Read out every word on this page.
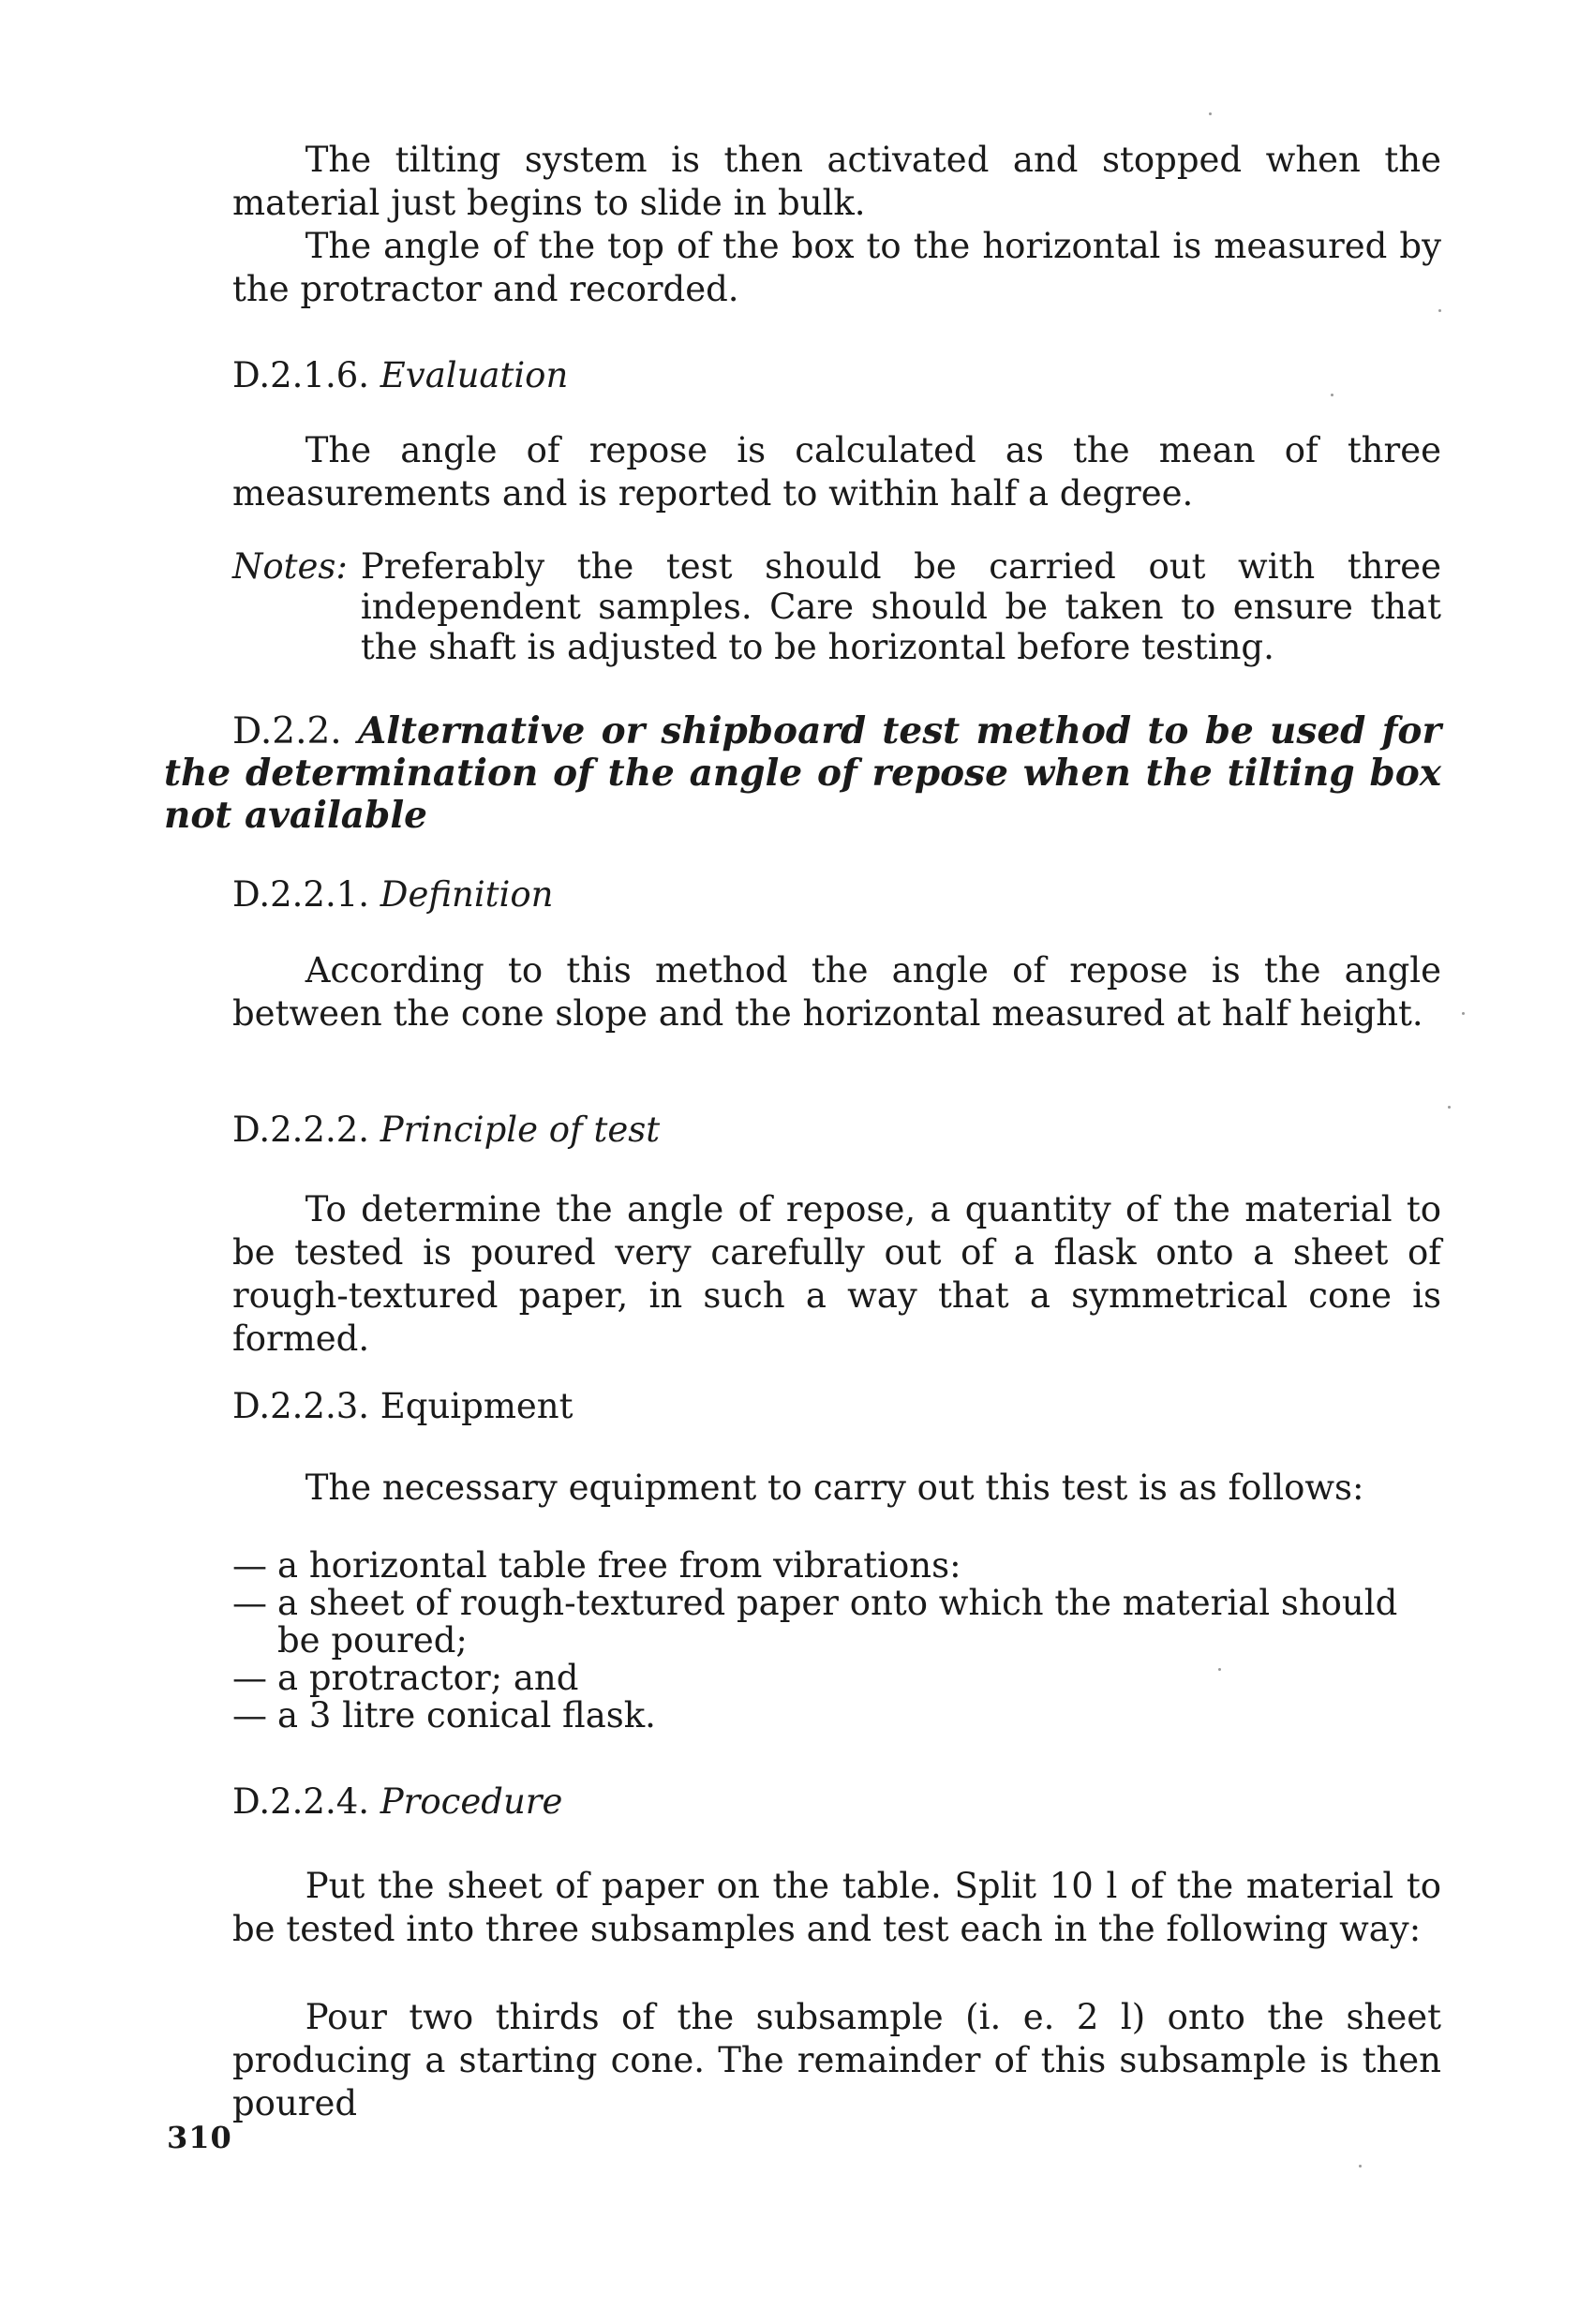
The tilting system is then activated and stopped when the material just begins to slide in bulk.

The angle of the top of the box to the horizontal is measured by the protractor and recorded.

D.2.1.6. Evaluation

The angle of repose is calculated as the mean of three measurements and is reported to within half a degree.

Notes: Preferably the test should be carried out with three independent samples. Care should be taken to ensure that the shaft is adjusted to be horizontal before testing.

D.2.2. Alternative or shipboard test method to be used for the determination of the angle of repose when the tilting box not available

D.2.2.1. Definition

According to this method the angle of repose is the angle between the cone slope and the horizontal measured at half height.

D.2.2.2. Principle of test

To determine the angle of repose, a quantity of the material to be tested is poured very carefully out of a flask onto a sheet of rough-textured paper, in such a way that a symmetrical cone is formed.

D.2.2.3. Equipment

The necessary equipment to carry out this test is as follows:

— a horizontal table free from vibrations:
— a sheet of rough-textured paper onto which the material should be poured;
— a protractor; and
— a 3 litre conical flask.

D.2.2.4. Procedure

Put the sheet of paper on the table. Split 10 l of the material to be tested into three subsamples and test each in the following way:

Pour two thirds of the subsample (i. e. 2 l) onto the sheet producing a starting cone. The remainder of this subsample is then poured

310
